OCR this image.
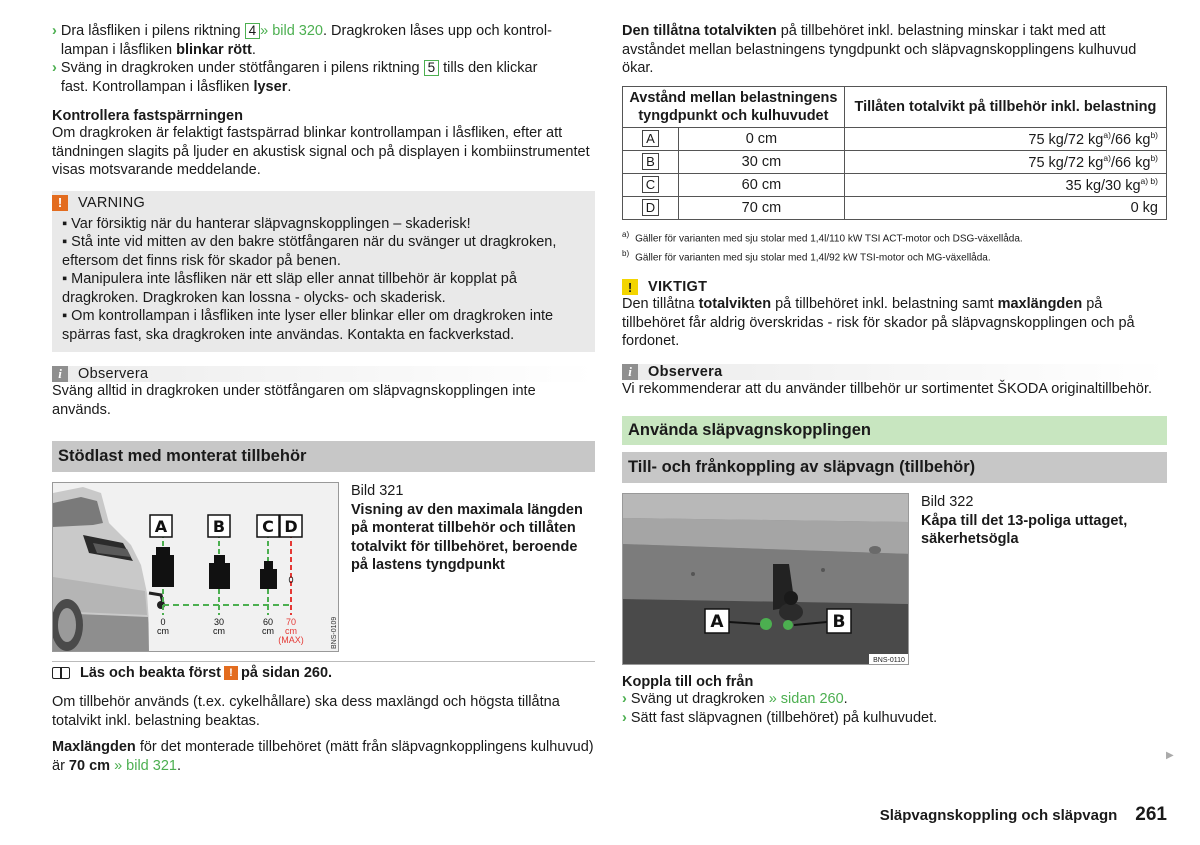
› Dra låsfliken i pilens riktning 4 » bild 320. Dragkroken låses upp och kontrol-
lampan i låsfliken blinkar rött.
› Sväng in dragkroken under stötfångaren i pilens riktning 5 tills den klickar
fast. Kontrollampan i låsfliken lyser.
Kontrollera fastspärrningen

Om dragkroken är felaktigt fastspärrad blinkar kontrollampan i låsfliken, efter att tändningen slagits på ljuder en akustisk signal och på displayen i kombiinstrumentet visas motsvarande meddelande.

!	VARNING

▪ Var försiktig när du hanterar släpvagnskopplingen – skaderisk!

▪ Stå inte vid mitten av den bakre stötfångaren när du svänger ut dragkroken, eftersom det finns risk för skador på benen.

▪ Manipulera inte låsfliken när ett släp eller annat tillbehör är kopplat på dragkroken. Dragkroken kan lossna - olycks- och skaderisk.

▪ Om kontrollampan i låsfliken inte lyser eller blinkar eller om dragkroken inte spärras fast, ska dragkroken inte användas. Kontakta en fackverkstad.

i	Observera

Sväng alltid in dragkroken under stötfångaren om släpvagnskopplingen inte används.

Stödlast med monterat tillbehör
A	B C D
0
0
cm
30
cm
60
cm
70
cm
(MAX)	BNS-0109
Bild 321
Visning av den maximala längden på monterat tillbehör och tillåten totalvikt för tillbehöret, beroende på lastens tyngdpunkt
Läs och beakta först ! på sidan 260.

Om tillbehör används (t.ex. cykelhållare) ska dess maxlängd och högsta tillåtna totalvikt inkl. belastning beaktas.

Maxlängden för det monterade tillbehöret (mätt från släpvagnkopplingens kulhuvud) är 70 cm » bild 321.

Den tillåtna totalvikten på tillbehöret inkl. belastning minskar i takt med att avståndet mellan belastningens tyngdpunkt och släpvagnskopplingens kulhuvud ökar.

Avstånd mellan belastningens tyngdpunkt och kulhuvudet		Tillåten totalvikt på tillbehör inkl. belastning
A	0 cm	75 kg/72 $kg^{a)}/66$ $kg^{b)}$
B	30 cm	75 kg/72 $kg^{a)}/66$ $kg^{b)}$
C	60 cm	35 kg/30 $kg^{a) b)}$
D	70 cm	0 kg
$^{a)}$ Gäller för varianten med sju stolar med 1,4l/110 kW TSI ACT-motor och DSG-växellåda.
$^{b)}$ Gäller för varianten med sju stolar med 1,4l/92 kW TSI-motor och MG-växellåda.
!	VIKTIGT

Den tillåtna totalvikten på tillbehöret inkl. belastning samt maxlängden på tillbehöret får aldrig överskridas - risk för skador på släpvagnskopplingen och på fordonet.

i	Observera

Vi rekommenderar att du använder tillbehör ur sortimentet ŠKODA originaltillbehör.

Använda släpvagnskopplingen
Till- och frånkoppling av släpvagn (tillbehör)
A	B
BNS-0110
Bild 322
Kåpa till det 13-poliga uttaget, säkerhetsögla
Koppla till och från
› Sväng ut dragkroken » sidan 260.
› Sätt fast släpvagnen (tillbehöret) på kulhuvudet.
▶
Släpvagnskoppling och släpvagn 261
